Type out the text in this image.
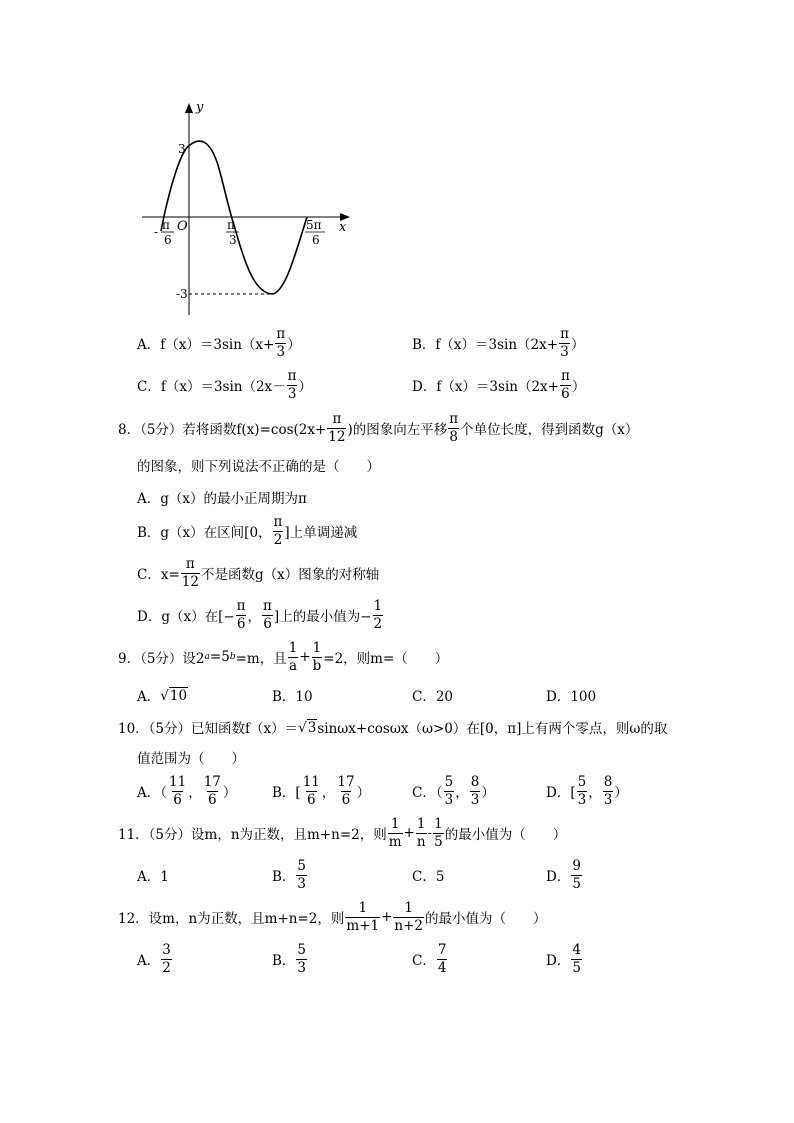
y
x
O
3
-3
- π
6
π
3
5π
6
A．$f(x)=3\sin(x+ \frac{\pi}{3}$ ）	B．$f(x)=3\sin(2x+ \frac{\pi}{3}$ ）
C．$f(x)=3\sin(2x- \frac{\pi}{3}$ ）	D．$f(x)=3\sin(2x+ \frac{\pi}{6}$ ）
8．（5分）若将函数$f(x)=\cos(2x+ \frac{\pi}{12}$ )的图象向左平移 $\frac{\pi}{8}$ 个单位长度，得到函数g（x）
的图象，则下列说法不正确的是（　　）
A．g（x）的最小正周期为π
B．g（x）在区间[0， $\frac{\pi}{2}$ ]上单调递减
C．$x= \frac{\pi}{12}$ 不是函数g（x）图象的对称轴
D．g（x）在[− $\frac{\pi}{6}$ ， $\frac{\pi}{6}$ ]上的最小值为− $\frac{1}{2}$
9．（5分）设2 a =5 b =m，且 $\frac{1}{a} + \frac{1}{b} =2$，则m=（　　）
A． √ 10	B．10	C．20	D．100
10．（5分）已知函数f（x）＝ √ 3 sinωx+cosωx（ω>0）在[0，π]上有两个零点，则ω的取
值范围为（　　）
A．（ $\frac{11}{6}$ ， $\frac{17}{6}$ ）	B．[ $\frac{11}{6}$ ， $\frac{17}{6}$ ）	C．（ $\frac{5}{3}$ ， $\frac{8}{3}$ ）	D．[ $\frac{5}{3}$ ， $\frac{8}{3}$ ）
11．（5分）设m，n为正数，且m+n=2，则 $\frac{1}{m} + \frac{1}{n} - \frac{1}{5}$ 的最小值为（　　）
A．1	B． $\frac{5}{3}$	C．5	D． $\frac{9}{5}$
12．设m，n为正数，且m+n=2，则 $\frac{1}{m+1} + \frac{1}{n+2}$ 的最小值为（　　）
A． $\frac{3}{2}$	B． $\frac{5}{3}$	C． $\frac{7}{4}$	D． $\frac{4}{5}$
